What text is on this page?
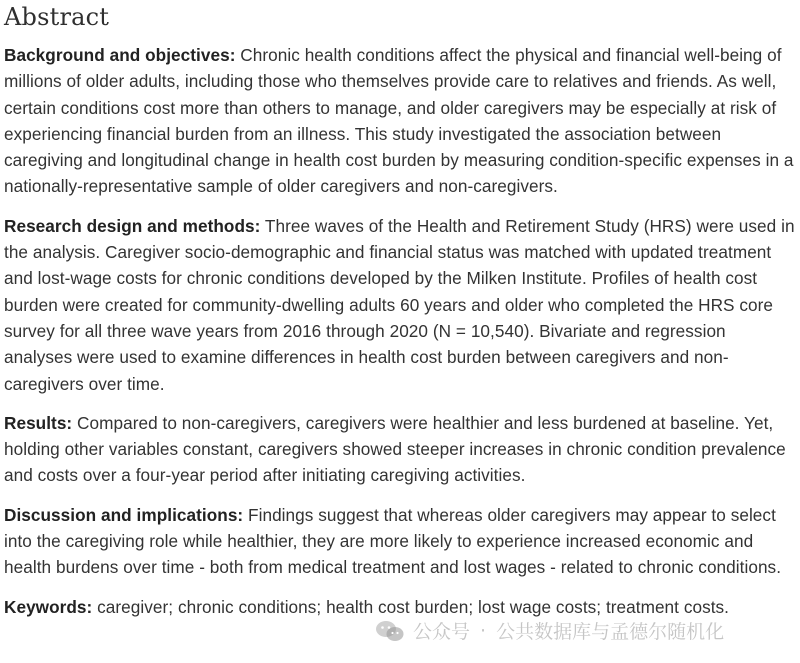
Abstract

Background and objectives: Chronic health conditions affect the physical and financial well-being of millions of older adults, including those who themselves provide care to relatives and friends. As well, certain conditions cost more than others to manage, and older caregivers may be especially at risk of experiencing financial burden from an illness. This study investigated the association between caregiving and longitudinal change in health cost burden by measuring condition-specific expenses in a nationally-representative sample of older caregivers and non-caregivers.

Research design and methods: Three waves of the Health and Retirement Study (HRS) were used in the analysis. Caregiver socio-demographic and financial status was matched with updated treatment and lost-wage costs for chronic conditions developed by the Milken Institute. Profiles of health cost burden were created for community-dwelling adults 60 years and older who completed the HRS core survey for all three wave years from 2016 through 2020 (N = 10,540). Bivariate and regression analyses were used to examine differences in health cost burden between caregivers and non-caregivers over time.

Results: Compared to non-caregivers, caregivers were healthier and less burdened at baseline. Yet, holding other variables constant, caregivers showed steeper increases in chronic condition prevalence and costs over a four-year period after initiating caregiving activities.

Discussion and implications: Findings suggest that whereas older caregivers may appear to select into the caregiving role while healthier, they are more likely to experience increased economic and health burdens over time - both from medical treatment and lost wages - related to chronic conditions.

Keywords: caregiver; chronic conditions; health cost burden; lost wage costs; treatment costs.

公众号 · 公共数据库与孟德尔随机化
